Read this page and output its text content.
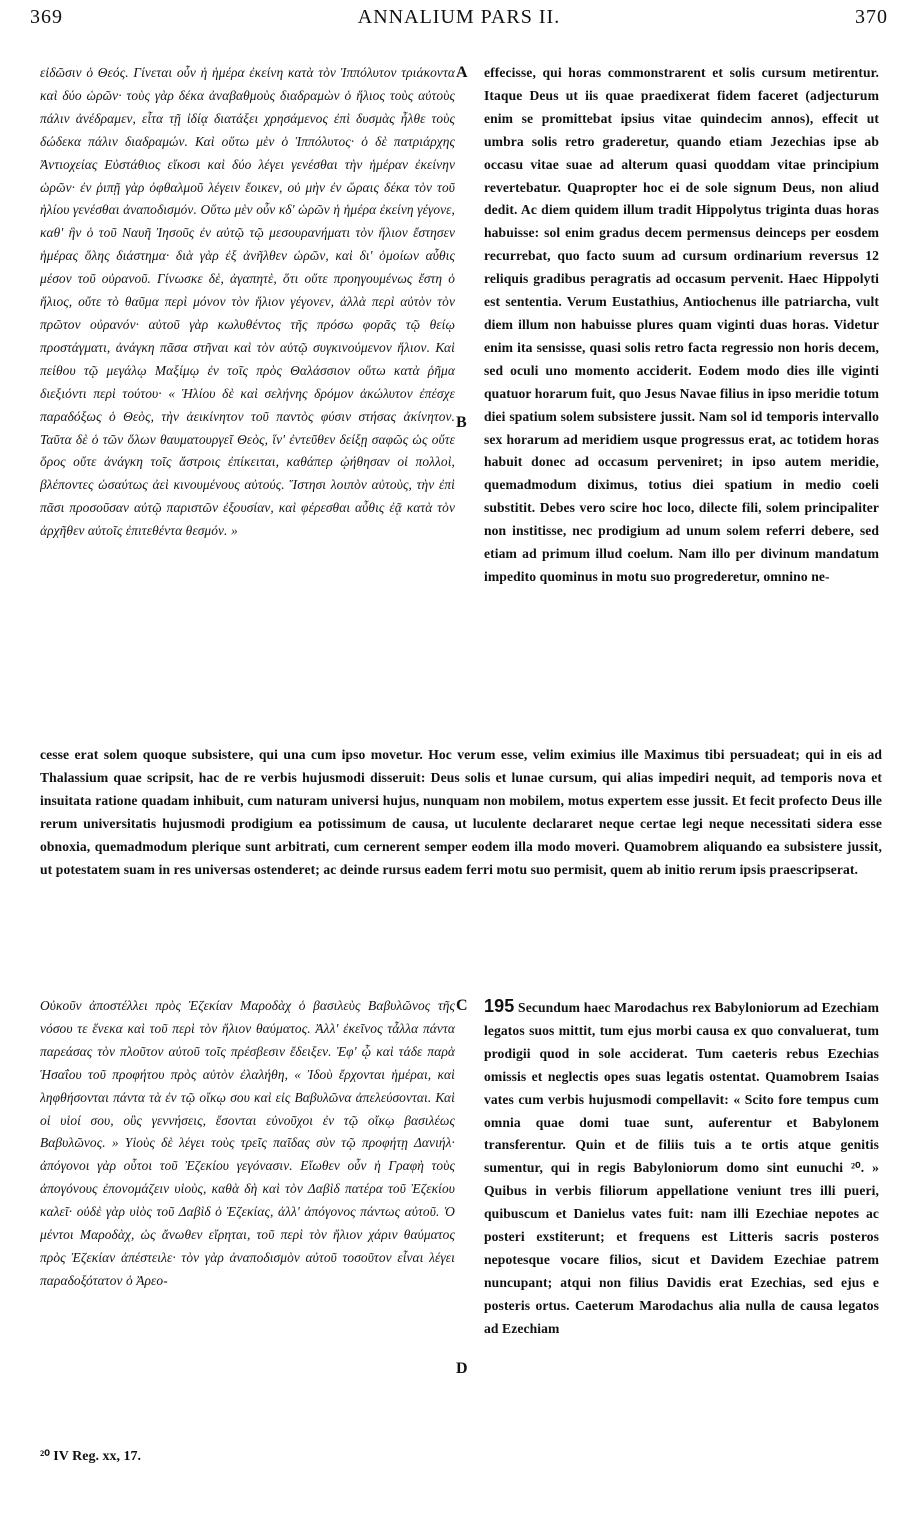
369	ANNALIUM PARS II.	370

εἰδῶσιν ὁ Θεός. Γίνεται οὖν ἡ ἡμέρα ἐκείνη κατὰ τὸν Ἱππόλυτον τριάκοντα καὶ δύο ὡρῶν· τοὺς γὰρ δέκα ἀναβαθμοὺς διαδραμὼν ὁ ἥλιος τοὺς αὐτοὺς πάλιν ἀνέδραμεν, εἶτα τῇ ἰδίᾳ διατάξει χρησάμενος ἐπὶ δυσμὰς ἦλθε τοὺς δώδεκα πάλιν διαδραμών. Καὶ οὕτω μὲν ὁ Ἱππόλυτος· ὁ δὲ πατριάρχης Ἀντιοχείας Εὐστάθιος εἴκοσι καὶ δύο λέγει γενέσθαι τὴν ἡμέραν ἐκείνην ὡρῶν· ἐν ῥιπῇ γὰρ ὀφθαλμοῦ λέγειν ἔοικεν, οὐ μὴν ἐν ὥραις δέκα τὸν τοῦ ἡλίου γενέσθαι ἀναποδισμόν. Οὕτω μὲν οὖν κδ' ὡρῶν ἡ ἡμέρα ἐκείνη γέγονε, καθ' ἣν ὁ τοῦ Ναυῆ Ἰησοῦς ἐν αὐτῷ τῷ μεσουρανήματι τὸν ἥλιον ἔστησεν ἡμέρας ὅλης διάστημα· διὰ γὰρ ἐξ ἀνῆλθεν ὡρῶν, καὶ δι' ὁμοίων αὖθις μέσον τοῦ οὐρανοῦ. Γίνωσκε δὲ, ἀγαπητὲ, ὅτι οὔτε προηγουμένως ἔστη ὁ ἥλιος, οὔτε τὸ θαῦμα περὶ μόνον τὸν ἥλιον γέγονεν, ἀλλὰ περὶ αὐτὸν τὸν πρῶτον οὐρανόν· αὐτοῦ γὰρ κωλυθέντος τῆς πρόσω φορᾶς τῷ θείῳ προστάγματι, ἀνάγκη πᾶσα στῆναι καὶ τὸν αὐτῷ συγκινούμενον ἥλιον. Καὶ πείθου τῷ μεγάλῳ Μαξίμῳ ἐν τοῖς πρὸς Θαλάσσιον οὕτω κατὰ ῥῆμα διεξιόντι περὶ τούτου· « Ἡλίου δὲ καὶ σελήνης δρόμον ἀκώλυτον ἐπέσχε παραδόξως ὁ Θεὸς, τὴν ἀεικίνητον τοῦ παντὸς φύσιν στήσας ἀκίνητον. Ταῦτα δὲ ὁ τῶν ὅλων θαυματουργεῖ Θεὸς, ἵν' ἐντεῦθεν δείξῃ σαφῶς ὡς οὔτε ὅρος οὔτε ἀνάγκη τοῖς ἄστροις ἐπίκειται, καθάπερ ᾠήθησαν οἱ πολλοὶ, βλέποντες ὡσαύτως ἀεὶ κινουμένους αὐτούς. Ἵστησι λοιπὸν αὐτοὺς, τὴν ἐπὶ πᾶσι προσοῦσαν αὐτῷ παριστῶν ἐξουσίαν, καὶ φέρεσθαι αὖθις ἐᾷ κατὰ τὸν ἀρχῆθεν αὐτοῖς ἐπιτεθέντα θεσμόν. »

A
B

effecisse, qui horas commonstrarent et solis cursum metirentur. Itaque Deus ut iis quae praedixerat fidem faceret (adjecturum enim se promittebat ipsius vitae quindecim annos), effecit ut umbra solis retro graderetur, quando etiam Jezechias ipse ab occasu vitae suae ad alterum quasi quoddam vitae principium revertebatur. Quapropter hoc ei de sole signum Deus, non aliud dedit. Ac diem quidem illum tradit Hippolytus triginta duas horas habuisse: sol enim gradus decem permensus deinceps per eosdem recurrebat, quo facto suum ad cursum ordinarium reversus 12 reliquis gradibus peragratis ad occasum pervenit. Haec Hippolyti est sententia. Verum Eustathius, Antiochenus ille patriarcha, vult diem illum non habuisse plures quam viginti duas horas. Videtur enim ita sensisse, quasi solis retro facta regressio non horis decem, sed oculi uno momento acciderit. Eodem modo dies ille viginti quatuor horarum fuit, quo Jesus Navae filius in ipso meridie totum diei spatium solem subsistere jussit. Nam sol id temporis intervallo sex horarum ad meridiem usque progressus erat, ac totidem horas habuit donec ad occasum perveniret; in ipso autem meridie, quemadmodum diximus, totius diei spatium in medio coeli substitit. Debes vero scire hoc loco, dilecte fili, solem principaliter non institisse, nec prodigium ad unum solem referri debere, sed etiam ad primum illud coelum. Nam illo per divinum mandatum impedito quominus in motu suo progrederetur, omnino ne-

cesse erat solem quoque subsistere, qui una cum ipso movetur. Hoc verum esse, velim eximius ille Maximus tibi persuadeat; qui in eis ad Thalassium quae scripsit, hac de re verbis hujusmodi disseruit: Deus solis et lunae cursum, qui alias impediri nequit, ad temporis nova et insuitata ratione quadam inhibuit, cum naturam universi hujus, nunquam non mobilem, motus expertem esse jussit. Et fecit profecto Deus ille rerum universitatis hujusmodi prodigium ea potissimum de causa, ut luculente declararet neque certae legi neque necessitati sidera esse obnoxia, quemadmodum plerique sunt arbitrati, cum cernerent semper eodem illa modo moveri. Quamobrem aliquando ea subsistere jussit, ut potestatem suam in res universas ostenderet; ac deinde rursus eadem ferri motu suo permisit, quem ab initio rerum ipsis praescripserat.

Οὐκοῦν ἀποστέλλει πρὸς Ἐζεκίαν Μαροδὰχ ὁ βασιλεὺς Βαβυλῶνος τῆς νόσου τε ἕνεκα καὶ τοῦ περὶ τὸν ἥλιον θαύματος. Ἀλλ' ἐκεῖνος τἆλλα πάντα παρεάσας τὸν πλοῦτον αὐτοῦ τοῖς πρέσβεσιν ἔδειξεν. Ἐφ' ᾧ καὶ τάδε παρὰ Ἡσαΐου τοῦ προφήτου πρὸς αὐτὸν ἐλαλήθη, « Ἰδοὺ ἔρχονται ἡμέραι, καὶ ληφθήσονται πάντα τὰ ἐν τῷ οἴκῳ σου καὶ εἰς Βαβυλῶνα ἀπελεύσονται. Καὶ οἱ υἱοί σου, οὓς γεννήσεις, ἔσονται εὐνοῦχοι ἐν τῷ οἴκῳ βασιλέως Βαβυλῶνος. » Υἱοὺς δὲ λέγει τοὺς τρεῖς παῖδας σὺν τῷ προφήτῃ Δανιήλ· ἀπόγονοι γὰρ οὗτοι τοῦ Ἐζεκίου γεγόνασιν. Εἴωθεν οὖν ἡ Γραφὴ τοὺς ἀπογόνους ἐπονομάζειν υἱοὺς, καθὰ δὴ καὶ τὸν Δαβὶδ πατέρα τοῦ Ἐζεκίου καλεῖ· οὐδὲ γὰρ υἱὸς τοῦ Δαβὶδ ὁ Ἐζεκίας, ἀλλ' ἀπόγονος πάντως αὐτοῦ. Ὁ μέντοι Μαροδὰχ, ὡς ἄνωθεν εἴρηται, τοῦ περὶ τὸν ἥλιον χάριν θαύματος πρὸς Ἐζεκίαν ἀπέστειλε· τὸν γὰρ ἀναποδισμὸν αὐτοῦ τοσοῦτον εἶναι λέγει παραδοξότατον ὁ Ἀρεο-

C
D

195 Secundum haec Marodachus rex Babyloniorum ad Ezechiam legatos suos mittit, tum ejus morbi causa ex quo convaluerat, tum prodigii quod in sole acciderat. Tum caeteris rebus Ezechias omissis et neglectis opes suas legatis ostentat. Quamobrem Isaias vates cum verbis hujusmodi compellavit: « Scito fore tempus cum omnia quae domi tuae sunt, auferentur et Babylonem transferentur. Quin et de filiis tuis a te ortis atque genitis sumentur, qui in regis Babyloniorum domo sint eunuchi ²⁰. » Quibus in verbis filiorum appellatione veniunt tres illi pueri, quibuscum et Danielus vates fuit: nam illi Ezechiae nepotes ac posteri exstiterunt; et frequens est Litteris sacris posteros nepotesque vocare filios, sicut et Davidem Ezechiae patrem nuncupant; atqui non filius Davidis erat Ezechias, sed ejus e posteris ortus. Caeterum Marodachus alia nulla de causa legatos ad Ezechiam

²⁰ IV Reg. xx, 17.
